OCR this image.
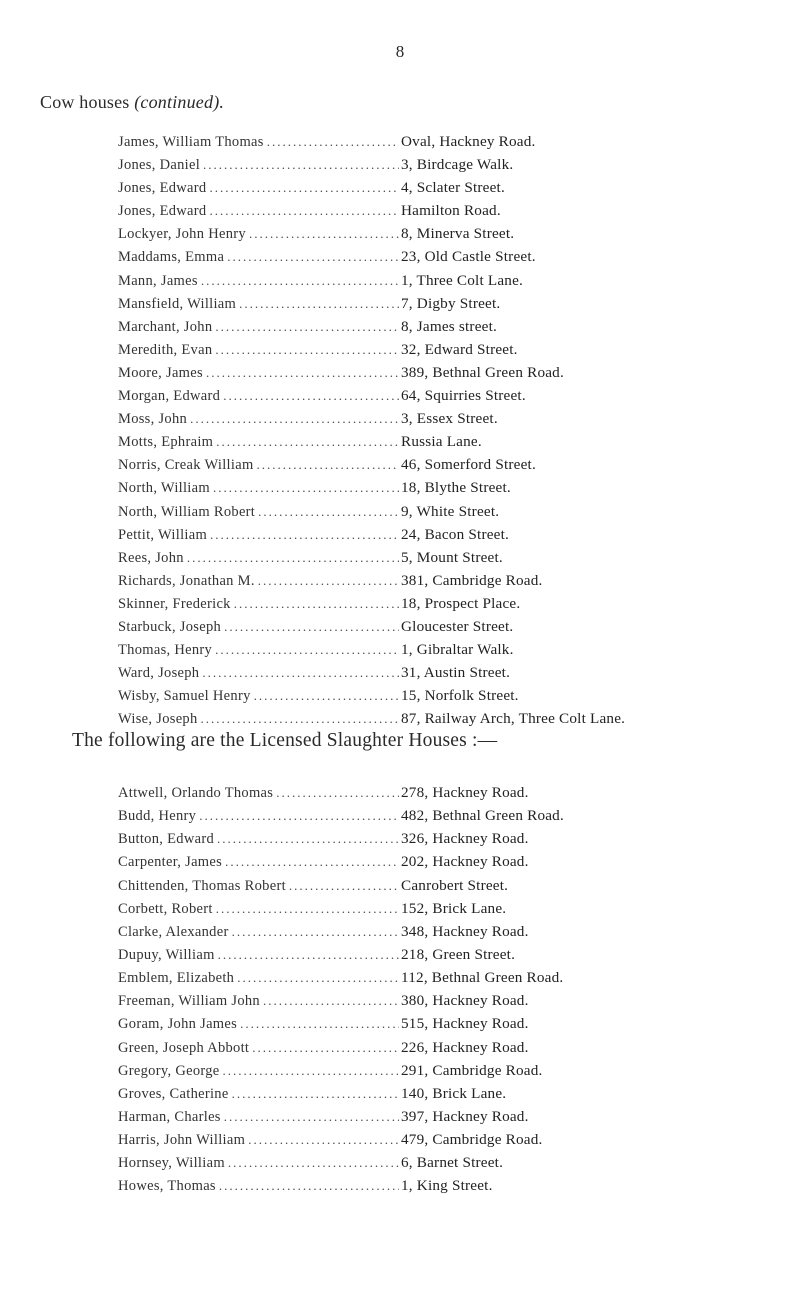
8
Cow houses (continued).
James, William Thomas .....	Oval, Hackney Road.
Jones, Daniel .....	3, Birdcage Walk.
Jones, Edward .....	4, Sclater Street.
Jones, Edward .....	Hamilton Road.
Lockyer, John Henry .....	8, Minerva Street.
Maddams, Emma .....	23, Old Castle Street.
Mann, James .....	1, Three Colt Lane.
Mansfield, William .....	7, Digby Street.
Marchant, John .....	8, James street.
Meredith, Evan .....	32, Edward Street.
Moore, James .....	389, Bethnal Green Road.
Morgan, Edward .....	64, Squirries Street.
Moss, John .....	3, Essex Street.
Motts, Ephraim .....	Russia Lane.
Norris, Creak William .....	46, Somerford Street.
North, William .....	18, Blythe Street.
North, William Robert .....	9, White Street.
Pettit, William .....	24, Bacon Street.
Rees, John .....	5, Mount Street.
Richards, Jonathan M. .....	381, Cambridge Road.
Skinner, Frederick .....	18, Prospect Place.
Starbuck, Joseph .....	Gloucester Street.
Thomas, Henry .....	1, Gibraltar Walk.
Ward, Joseph .....	31, Austin Street.
Wisby, Samuel Henry .....	15, Norfolk Street.
Wise, Joseph .....	87, Railway Arch, Three Colt Lane.
The following are the Licensed Slaughter Houses :—
Attwell, Orlando Thomas .....	278, Hackney Road.
Budd, Henry .....	482, Bethnal Green Road.
Button, Edward .....	326, Hackney Road.
Carpenter, James .....	202, Hackney Road.
Chittenden, Thomas Robert .....	Canrobert Street.
Corbett, Robert .....	152, Brick Lane.
Clarke, Alexander .....	348, Hackney Road.
Dupuy, William .....	218, Green Street.
Emblem, Elizabeth .....	112, Bethnal Green Road.
Freeman, William John .....	380, Hackney Road.
Goram, John James .....	515, Hackney Road.
Green, Joseph Abbott .....	226, Hackney Road.
Gregory, George .....	291, Cambridge Road.
Groves, Catherine .....	140, Brick Lane.
Harman, Charles .....	397, Hackney Road.
Harris, John William .....	479, Cambridge Road.
Hornsey, William .....	6, Barnet Street.
Howes, Thomas .....	1, King Street.
